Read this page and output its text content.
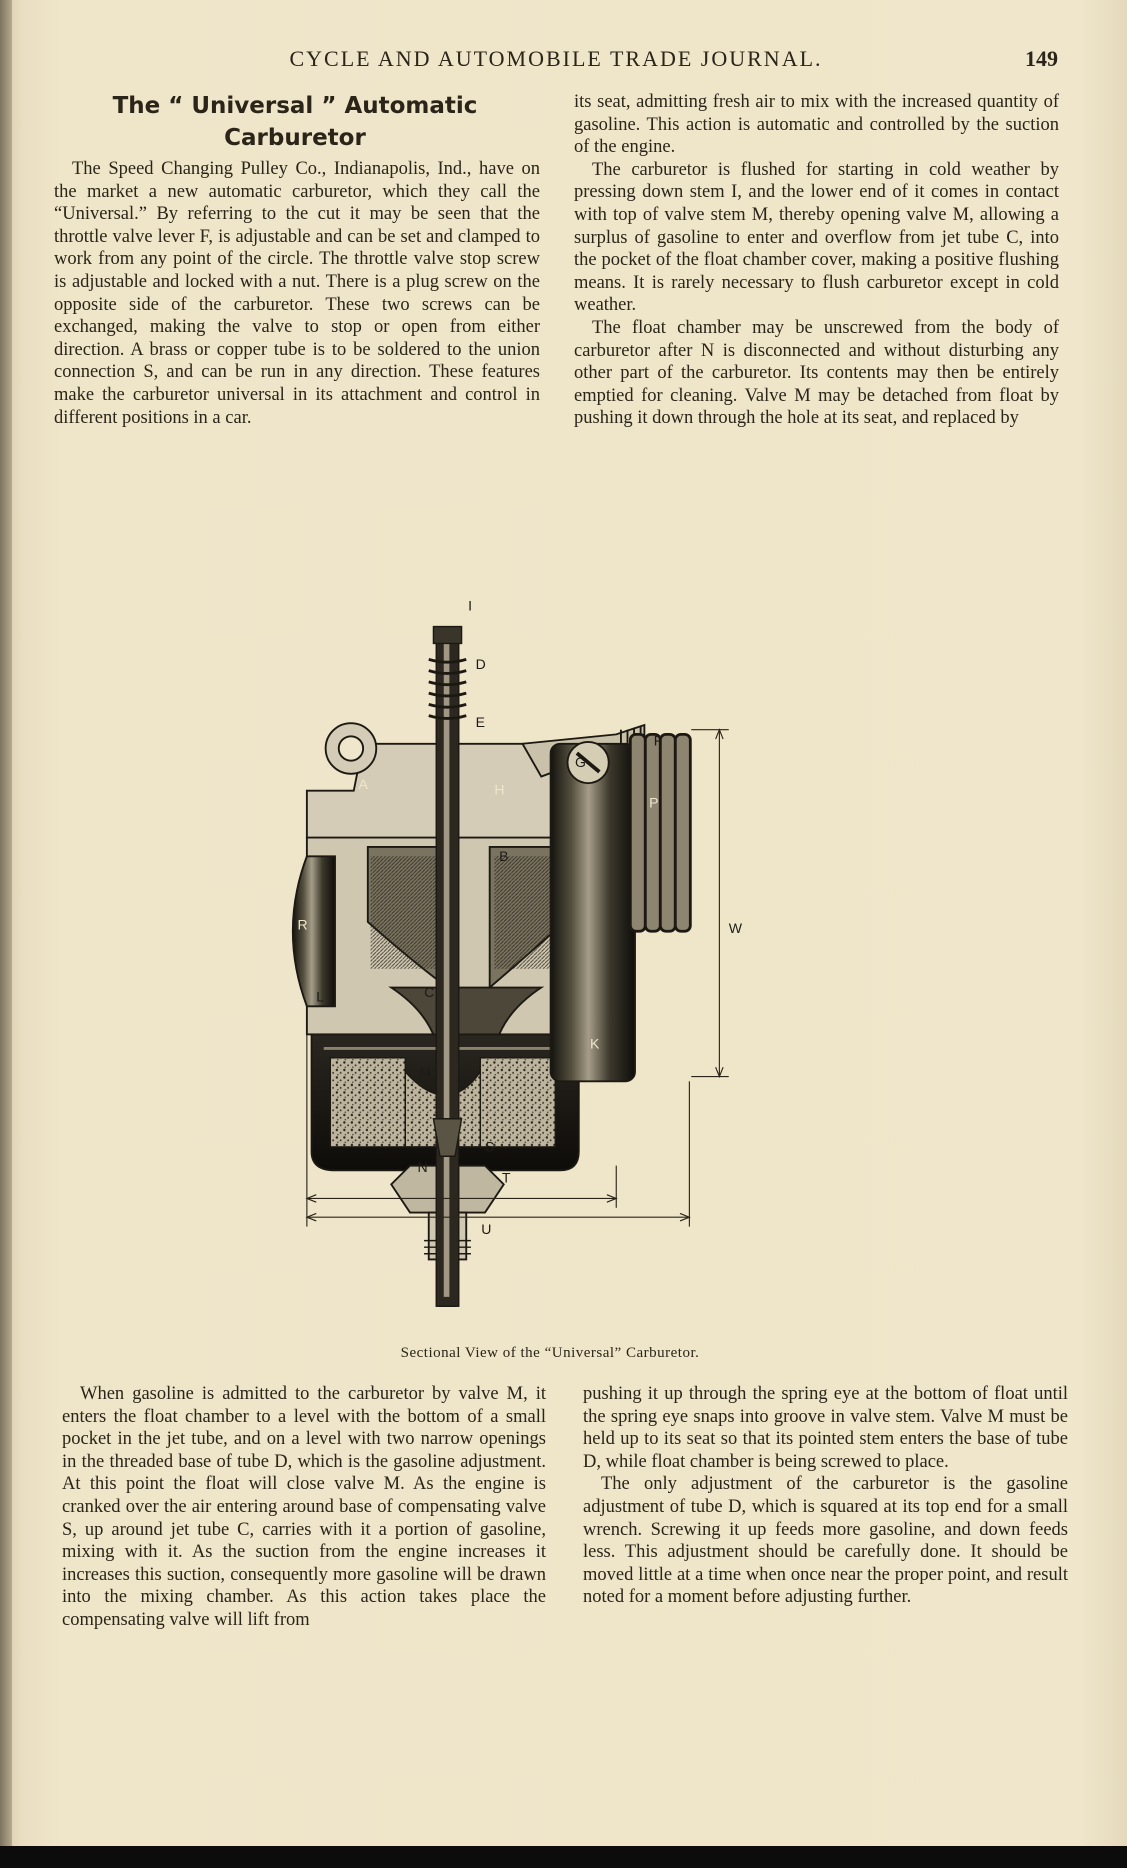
CYCLE AND AUTOMOBILE TRADE JOURNAL.	149
The “ Universal ” Automatic
Carburetor

The Speed Changing Pulley Co., Indianapolis, Ind., have on the market a new automatic carburetor, which they call the “Universal.” By referring to the cut it may be seen that the throttle valve lever F, is adjustable and can be set and clamped to work from any point of the circle. The throttle valve stop screw is adjustable and locked with a nut. There is a plug screw on the opposite side of the carburetor. These two screws can be exchanged, making the valve to stop or open from either direction. A brass or copper tube is to be soldered to the union connection S, and can be run in any direction. These features make the carburetor universal in its attachment and control in different positions in a car.

its seat, admitting fresh air to mix with the increased quantity of gasoline. This action is automatic and controlled by the suction of the engine.

The carburetor is flushed for starting in cold weather by pressing down stem I, and the lower end of it comes in contact with top of valve stem M, thereby opening valve M, allowing a surplus of gasoline to enter and overflow from jet tube C, into the pocket of the float chamber cover, making a positive flushing means. It is rarely necessary to flush carburetor except in cold weather.

The float chamber may be unscrewed from the body of carburetor after N is disconnected and without disturbing any other part of the carburetor. Its contents may then be entirely emptied for cleaning. Valve M may be detached from float by pushing it down through the hole at its seat, and replaced by

I
D
F
E
G
A	H
O
P
B
R	W
L	C
K
M
S
N
T
U
Sectional View of the “Universal” Carburetor.

When gasoline is admitted to the carburetor by valve M, it enters the float chamber to a level with the bottom of a small pocket in the jet tube, and on a level with two narrow openings in the threaded base of tube D, which is the gasoline adjustment. At this point the float will close valve M. As the engine is cranked over the air entering around base of compensating valve S, up around jet tube C, carries with it a portion of gasoline, mixing with it. As the suction from the engine increases it increases this suction, consequently more gasoline will be drawn into the mixing chamber. As this action takes place the compensating valve will lift from

pushing it up through the spring eye at the bottom of float until the spring eye snaps into groove in valve stem. Valve M must be held up to its seat so that its pointed stem enters the base of tube D, while float chamber is being screwed to place.

The only adjustment of the carburetor is the gasoline adjustment of tube D, which is squared at its top end for a small wrench. Screwing it up feeds more gasoline, and down feeds less. This adjustment should be carefully done. It should be moved little at a time when once near the proper point, and result noted for a moment before adjusting further.
